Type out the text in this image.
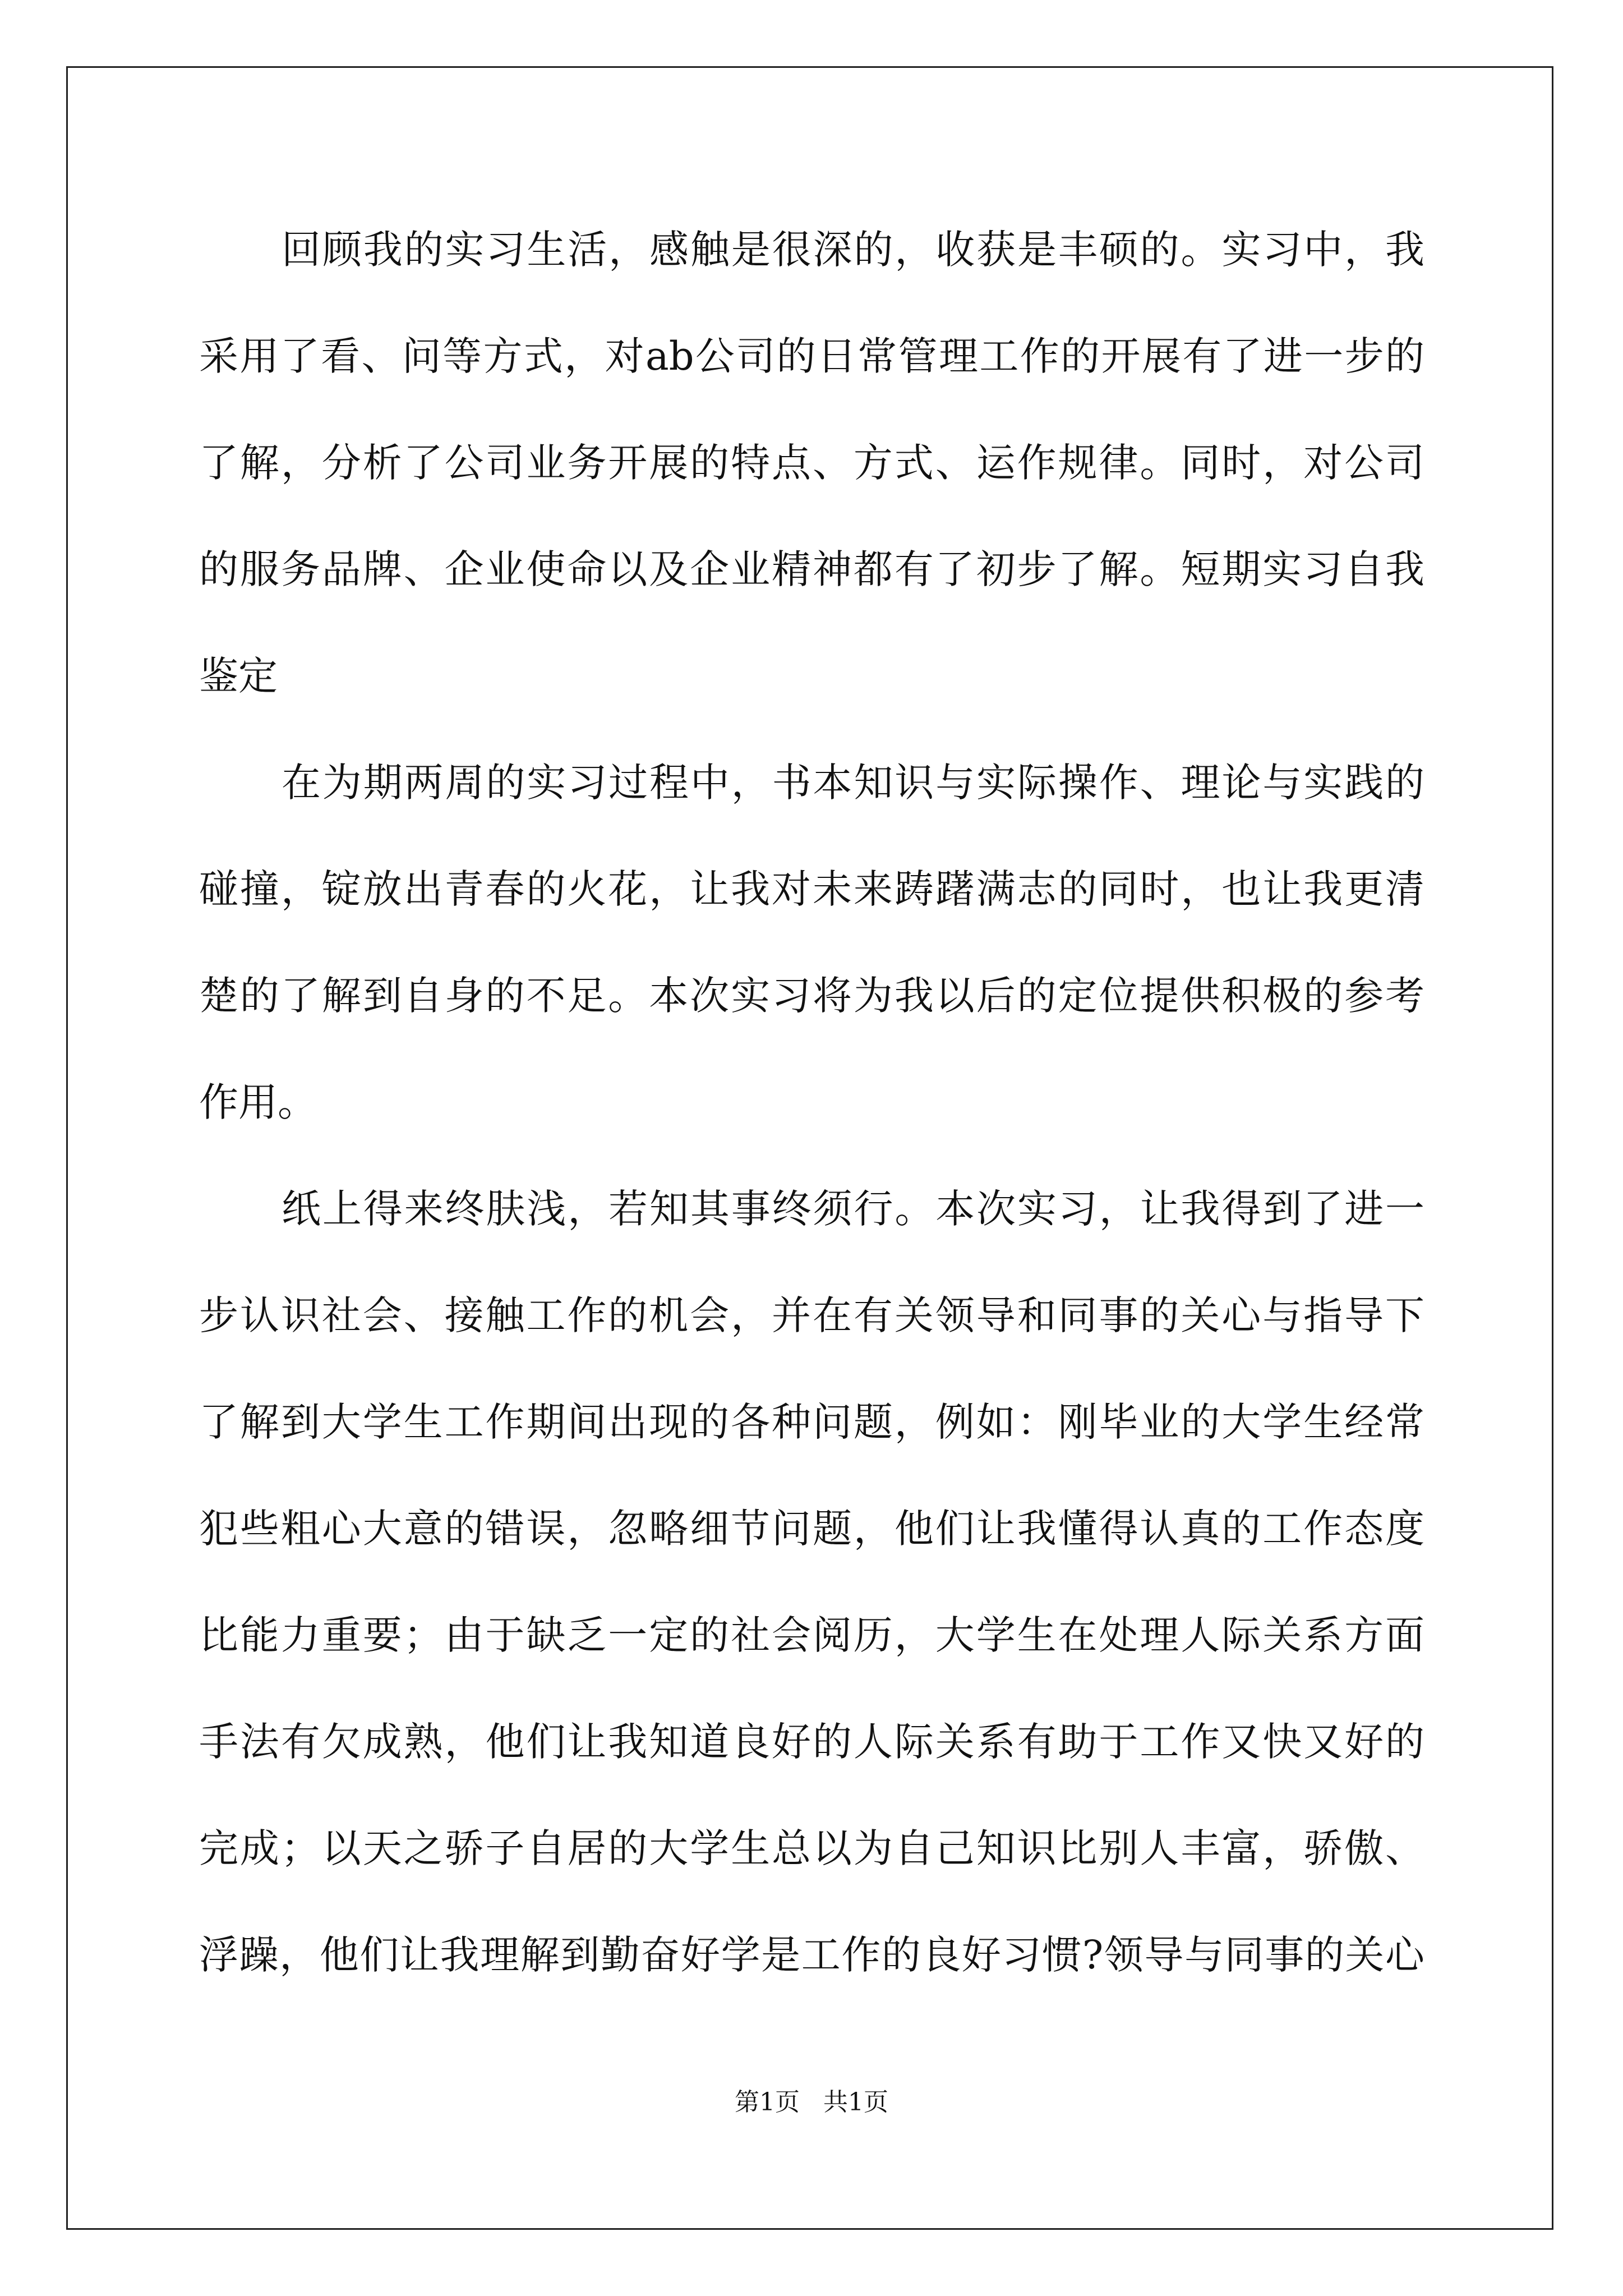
回顾我的实习生活，感触是很深的，收获是丰硕的。实习中，我
采用了看、问等方式，对ab公司的日常管理工作的开展有了进一步的
了解，分析了公司业务开展的特点、方式、运作规律。同时，对公司
的服务品牌、企业使命以及企业精神都有了初步了解。短期实习自我
鉴定
在为期两周的实习过程中，书本知识与实际操作、理论与实践的
碰撞，锭放出青春的火花，让我对未来踌躇满志的同时，也让我更清
楚的了解到自身的不足。本次实习将为我以后的定位提供积极的参考
作用。
纸上得来终肤浅，若知其事终须行。本次实习，让我得到了进一
步认识社会、接触工作的机会，并在有关领导和同事的关心与指导下
了解到大学生工作期间出现的各种问题，例如：刚毕业的大学生经常
犯些粗心大意的错误，忽略细节问题，他们让我懂得认真的工作态度
比能力重要；由于缺乏一定的社会阅历，大学生在处理人际关系方面
手法有欠成熟，他们让我知道良好的人际关系有助于工作又快又好的
完成；以天之骄子自居的大学生总以为自己知识比别人丰富，骄傲、
浮躁，他们让我理解到勤奋好学是工作的良好习惯?领导与同事的关心
第1页   共1页
